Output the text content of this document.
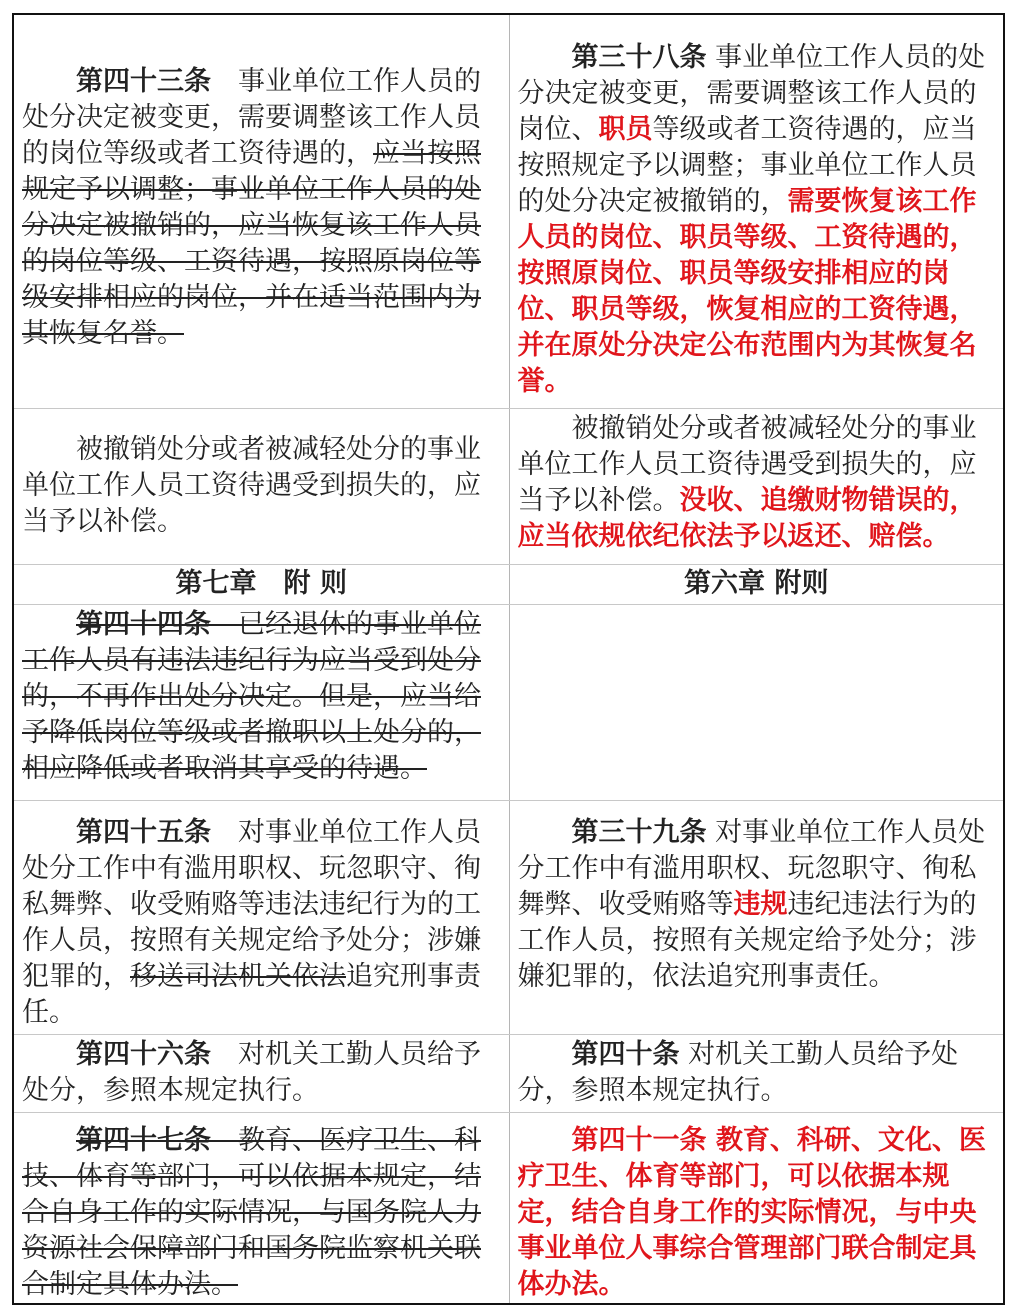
第四十三条　 事业单位工作人员的处分决定被变更，需要调整该工作人员的岗位等级或者工资待遇的，应当按照规定予以调整；事业单位工作人员的处分决定被撤销的，应当恢复该工作人员的岗位等级、工资待遇，按照原岗位等级安排相应的岗位，并在适当范围内为其恢复名誉。	第三十八条 事业单位工作人员的处分决定被变更，需要调整该工作人员的岗位、职员等级或者工资待遇的，应当按照规定予以调整；事业单位工作人员的处分决定被撤销的，需要恢复该工作人员的岗位、职员等级、工资待遇的，按照原岗位、职员等级安排相应的岗位、职员等级，恢复相应的工资待遇，并在原处分决定公布范围内为其恢复名誉。

被撤销处分或者被减轻处分的事业单位工作人员工资待遇受到损失的，应当予以补偿。	被撤销处分或者被减轻处分的事业单位工作人员工资待遇受到损失的，应当予以补偿。没收、追缴财物错误的，应当依规依纪依法予以返还、赔偿。

第七章　附 则	第六章 附则

第四十四条　 已经退休的事业单位工作人员有违法违纪行为应当受到处分的，不再作出处分决定。但是，应当给予降低岗位等级或者撤职以上处分的，相应降低或者取消其享受的待遇。	

第四十五条　 对事业单位工作人员处分工作中有滥用职权、玩忽职守、徇私舞弊、收受贿赂等违法违纪行为的工作人员，按照有关规定给予处分；涉嫌犯罪的，移送司法机关依法追究刑事责任。	第三十九条 对事业单位工作人员处分工作中有滥用职权、玩忽职守、徇私舞弊、收受贿赂等违规违纪违法行为的工作人员，按照有关规定给予处分；涉嫌犯罪的，依法追究刑事责任。

第四十六条　 对机关工勤人员给予处分，参照本规定执行。	第四十条 对机关工勤人员给予处分，参照本规定执行。

第四十七条　 教育、医疗卫生、科技、体育等部门，可以依据本规定，结合自身工作的实际情况，与国务院人力资源社会保障部门和国务院监察机关联合制定具体办法。	第四十一条 教育、科研、文化、医疗卫生、体育等部门，可以依据本规定，结合自身工作的实际情况，与中央事业单位人事综合管理部门联合制定具体办法。
